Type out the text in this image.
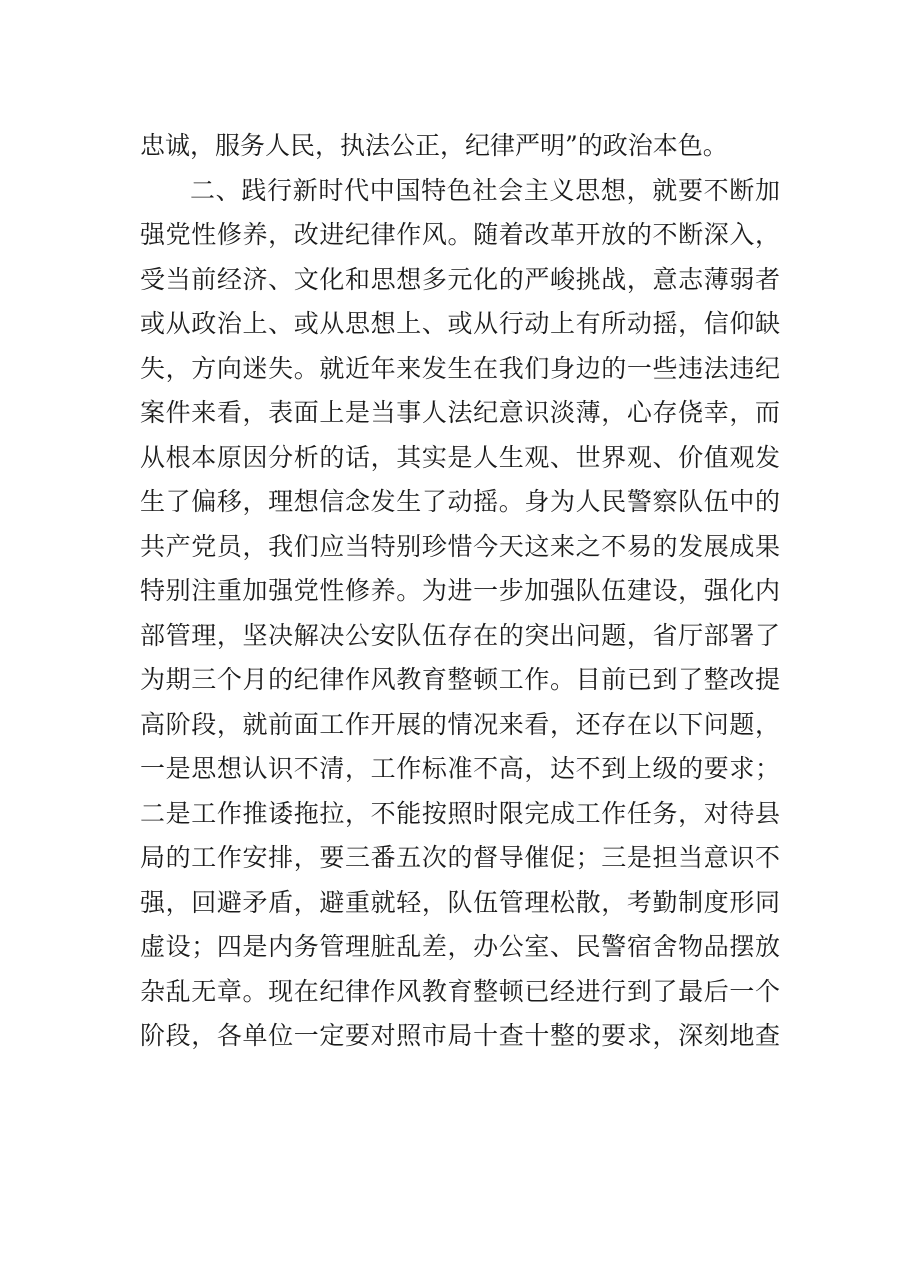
忠诚，服务人民，执法公正，纪律严明”的政治本色。
二、践行新时代中国特色社会主义思想，就要不断加
强党性修养，改进纪律作风。随着改革开放的不断深入，
受当前经济、文化和思想多元化的严峻挑战，意志薄弱者
或从政治上、或从思想上、或从行动上有所动摇，信仰缺
失，方向迷失。就近年来发生在我们身边的一些违法违纪
案件来看，表面上是当事人法纪意识淡薄，心存侥幸，而
从根本原因分析的话，其实是人生观、世界观、价值观发
生了偏移，理想信念发生了动摇。身为人民警察队伍中的
共产党员，我们应当特别珍惜今天这来之不易的发展成果
特别注重加强党性修养。为进一步加强队伍建设，强化内
部管理，坚决解决公安队伍存在的突出问题，省厅部署了
为期三个月的纪律作风教育整顿工作。目前已到了整改提
高阶段，就前面工作开展的情况来看，还存在以下问题，
一是思想认识不清，工作标准不高，达不到上级的要求；
二是工作推诿拖拉，不能按照时限完成工作任务，对待县
局的工作安排，要三番五次的督导催促；三是担当意识不
强，回避矛盾，避重就轻，队伍管理松散，考勤制度形同
虚设；四是内务管理脏乱差，办公室、民警宿舍物品摆放
杂乱无章。现在纪律作风教育整顿已经进行到了最后一个
阶段，各单位一定要对照市局十查十整的要求，深刻地查
